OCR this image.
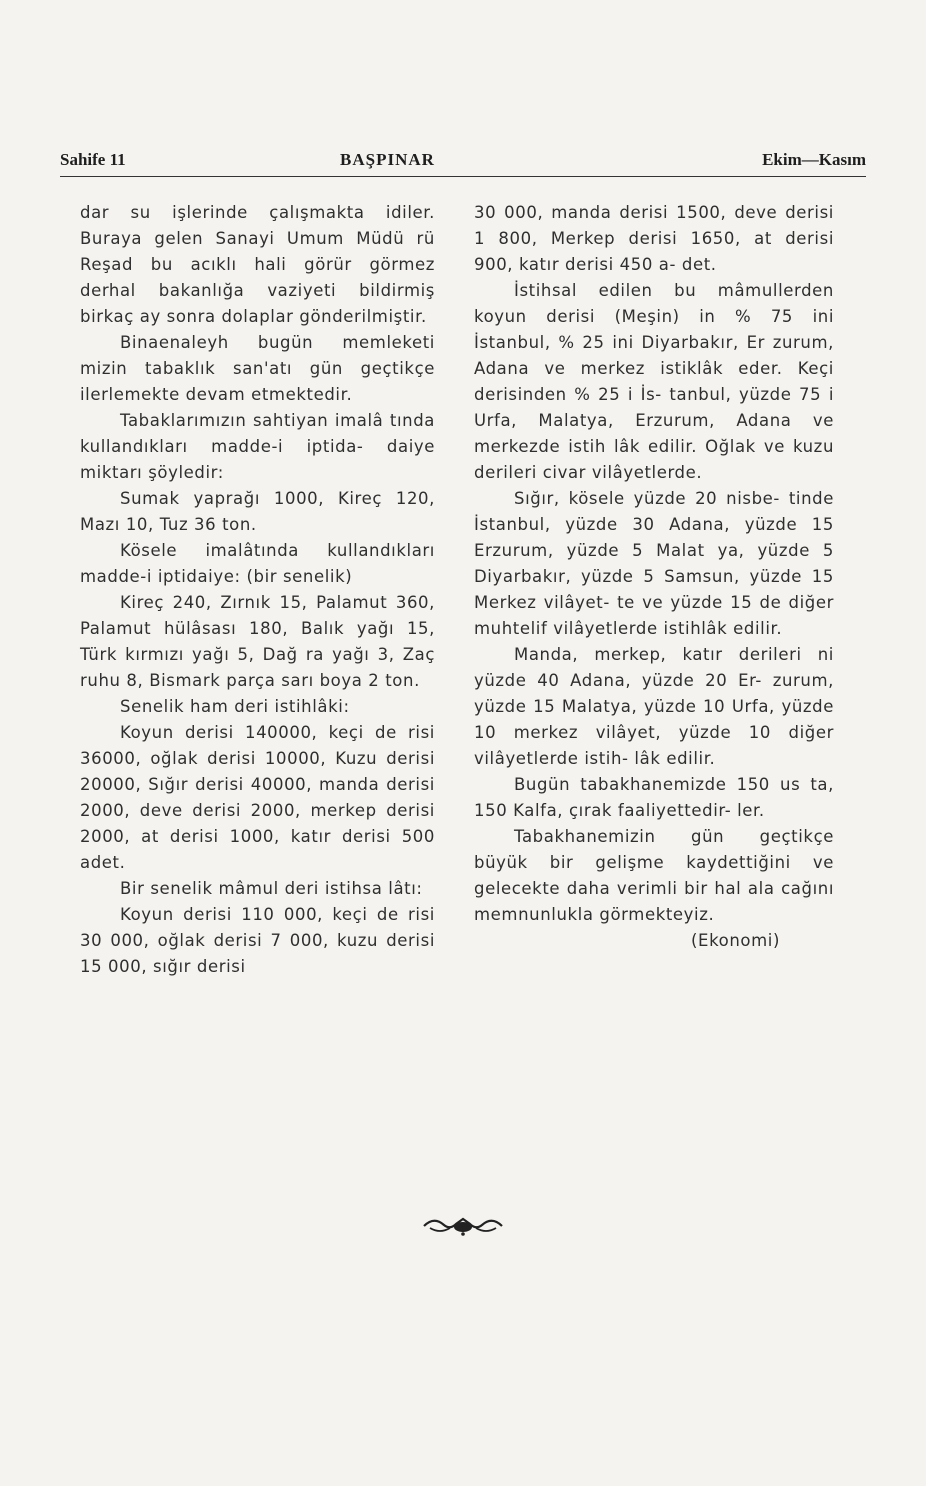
Sahife 11	BAŞPINAR	Ekim—Kasım

dar su işlerinde çalışmakta idiler. Buraya gelen Sanayi Umum Müdü rü Reşad bu acıklı hali görür görmez derhal bakanlığa vaziyeti bildirmiş birkaç ay sonra dolaplar gönderilmiştir.

Binaenaleyh bugün memleketi mizin tabaklık san'atı gün geçtikçe ilerlemekte devam etmektedir.

Tabaklarımızın sahtiyan imalâ tında kullandıkları madde-i iptida- daiye miktarı şöyledir:

Sumak yaprağı 1000, Kireç 120, Mazı 10, Tuz 36 ton.

Kösele imalâtında kullandıkları madde-i iptidaiye: (bir senelik)

Kireç 240, Zırnık 15, Palamut 360, Palamut hülâsası 180, Balık yağı 15, Türk kırmızı yağı 5, Dağ ra yağı 3, Zaç ruhu 8, Bismark parça sarı boya 2 ton.

Senelik ham deri istihlâki:

Koyun derisi 140000, keçi de risi 36000, oğlak derisi 10000, Kuzu derisi 20000, Sığır derisi 40000, manda derisi 2000, deve derisi 2000, merkep derisi 2000, at derisi 1000, katır derisi 500 adet.

Bir senelik mâmul deri istihsa lâtı:

Koyun derisi 110 000, keçi de risi 30 000, oğlak derisi 7 000, kuzu derisi 15 000, sığır derisi

30 000, manda derisi 1500, deve derisi 1 800, Merkep derisi 1650, at derisi 900, katır derisi 450 a- det.

İstihsal edilen bu mâmullerden koyun derisi (Meşin) in % 75 ini İstanbul, % 25 ini Diyarbakır, Er zurum, Adana ve merkez istiklâk eder. Keçi derisinden % 25 i İs- tanbul, yüzde 75 i Urfa, Malatya, Erzurum, Adana ve merkezde istih lâk edilir. Oğlak ve kuzu derileri civar vilâyetlerde.

Sığır, kösele yüzde 20 nisbe- tinde İstanbul, yüzde 30 Adana, yüzde 15 Erzurum, yüzde 5 Malat ya, yüzde 5 Diyarbakır, yüzde 5 Samsun, yüzde 15 Merkez vilâyet- te ve yüzde 15 de diğer muhtelif vilâyetlerde istihlâk edilir.

Manda, merkep, katır derileri ni yüzde 40 Adana, yüzde 20 Er- zurum, yüzde 15 Malatya, yüzde 10 Urfa, yüzde 10 merkez vilâyet, yüzde 10 diğer vilâyetlerde istih- lâk edilir.

Bugün tabakhanemizde 150 us ta, 150 Kalfa, çırak faaliyettedir- ler.

Tabakhanemizin gün geçtikçe büyük bir gelişme kaydettiğini ve gelecekte daha verimli bir hal ala cağını memnunlukla görmekteyiz.

(Ekonomi)
